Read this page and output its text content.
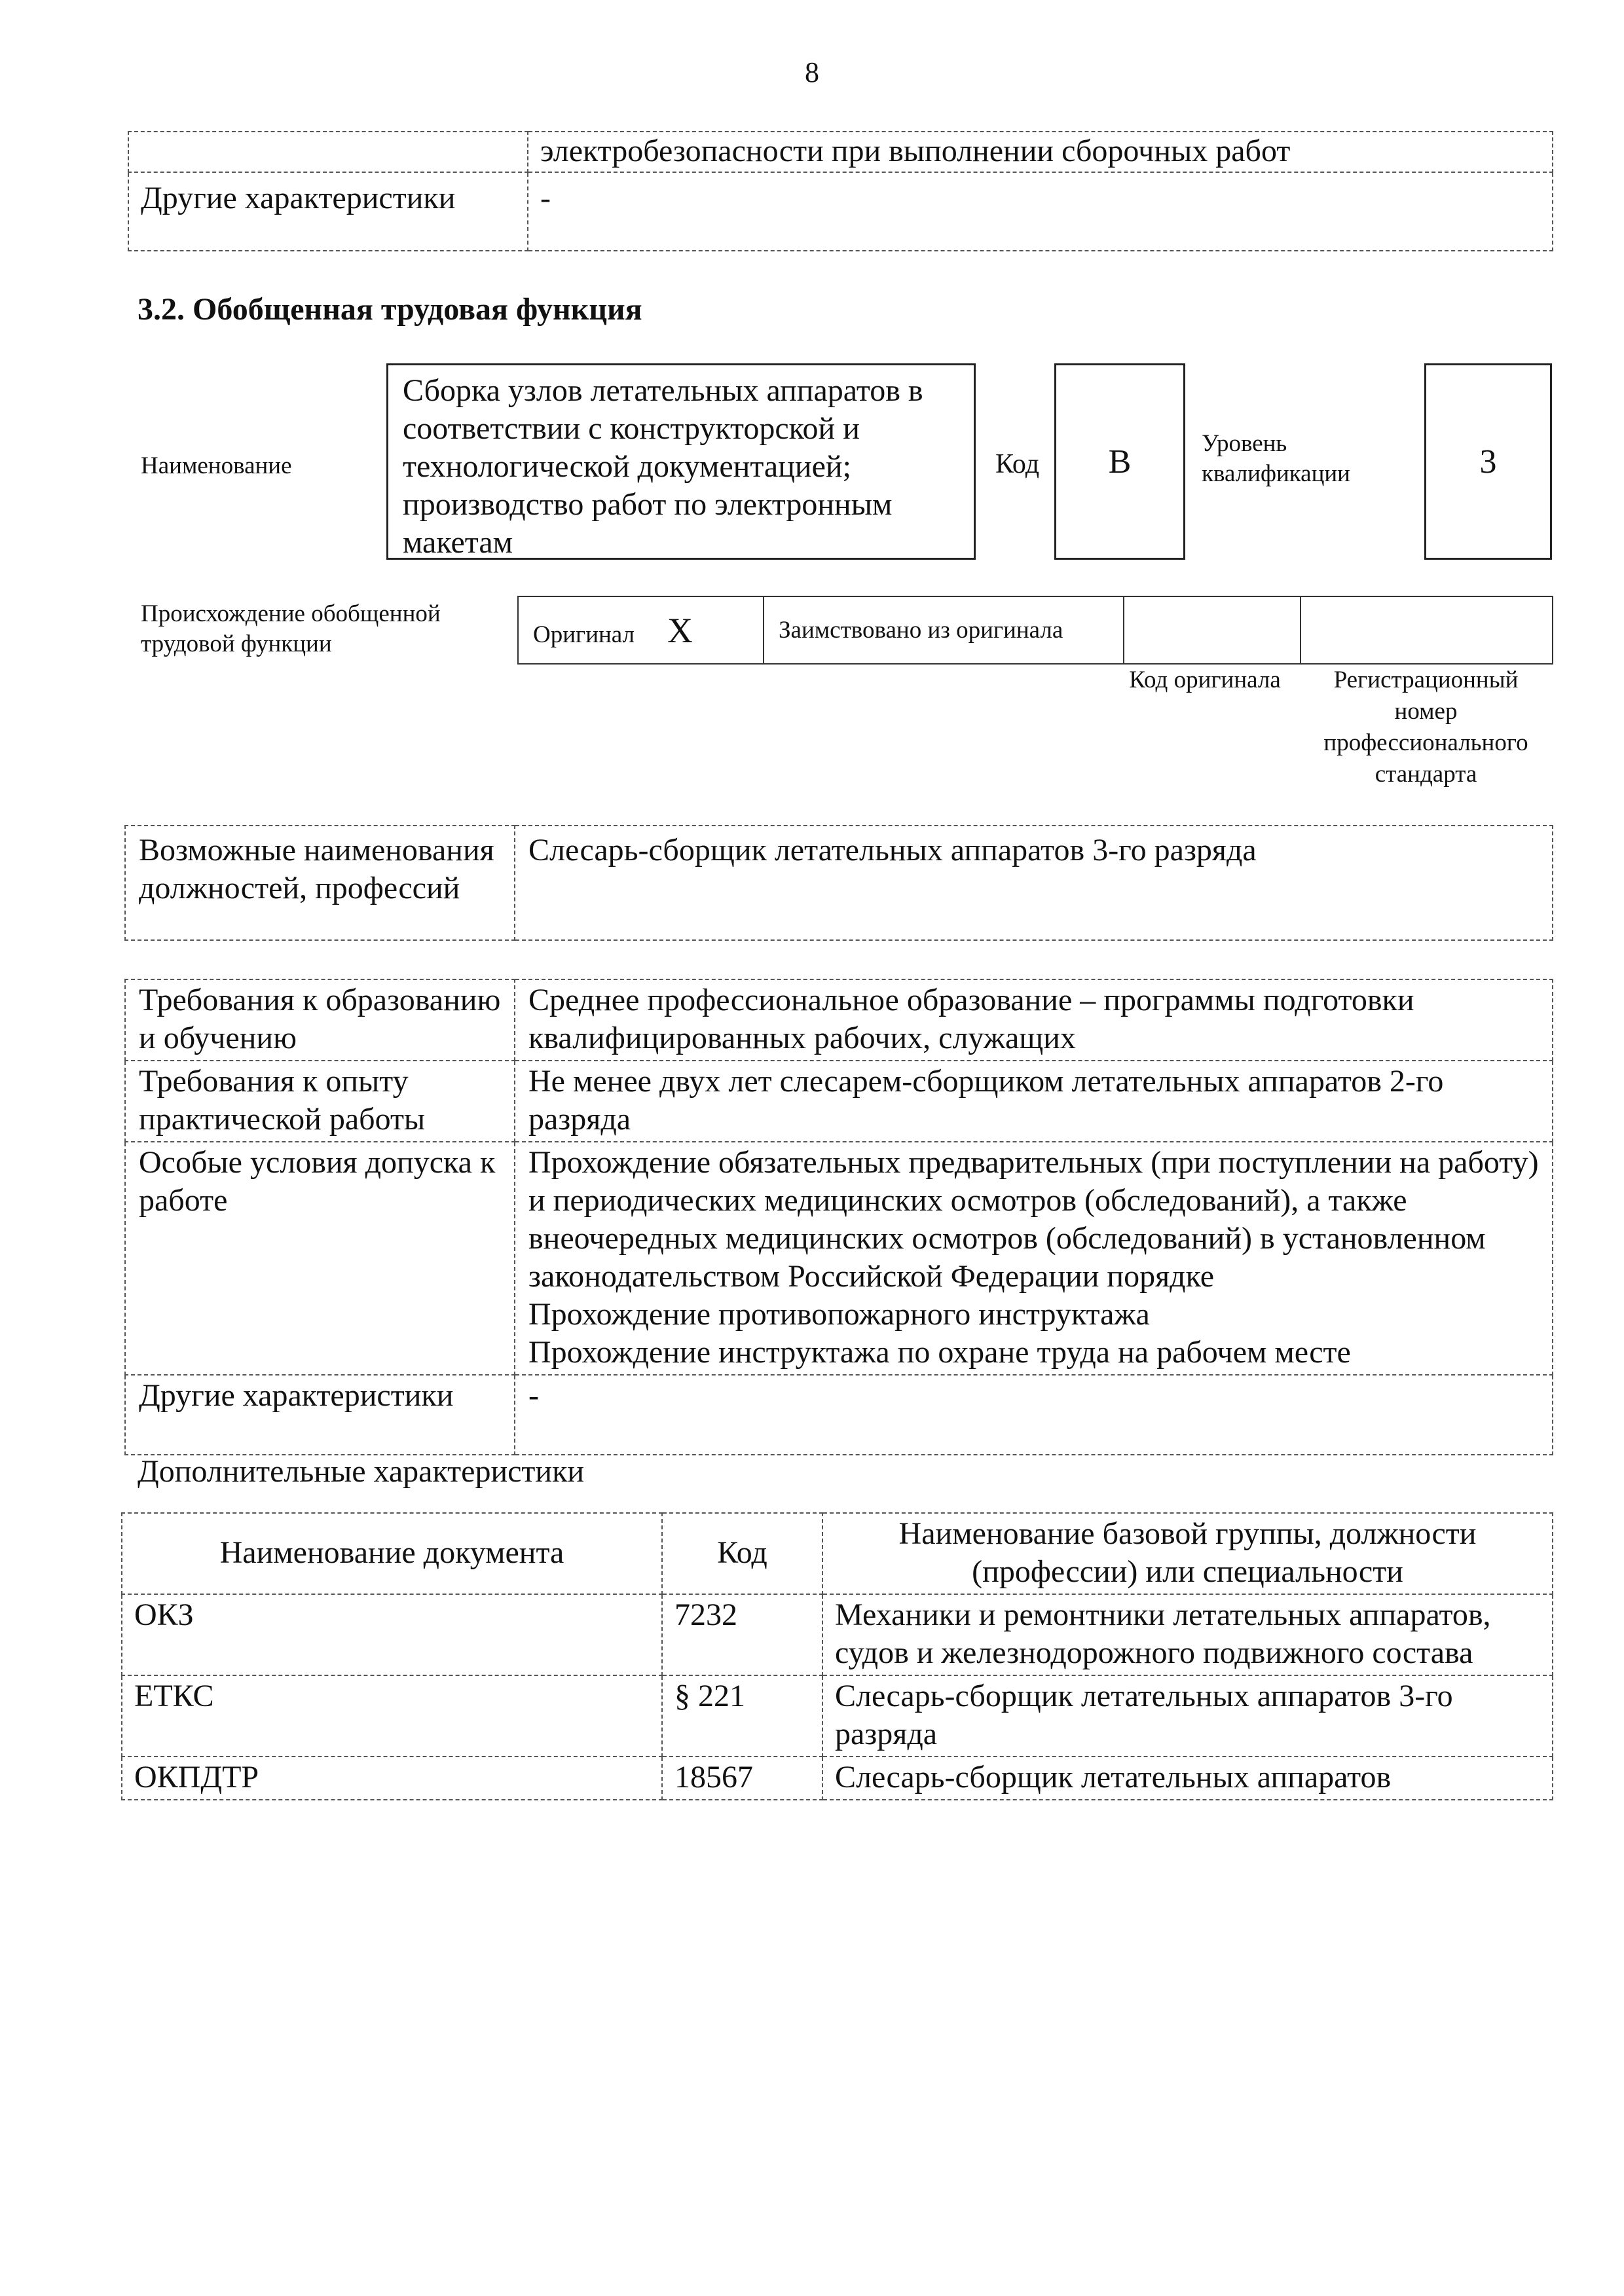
8
	электробезопасности при выполнении сборочных работ
Другие характеристики	-
3.2. Обобщенная трудовая функция
Наименование
Сборка узлов летательных аппаратов в соответствии с конструкторской и технологической документацией; производство работ по электронным макетам
Код	B	Уровень квалификации	3
Происхождение обобщенной трудовой функции	Оригинал X	Заимствовано из оригинала		
Код оригинала	Регистрационный номер профессионального стандарта
Возможные наименования должностей, профессий	Слесарь-сборщик летательных аппаратов 3-го разряда
Требования к образованию и обучению	Среднее профессиональное образование – программы подготовки квалифицированных рабочих, служащих
Требования к опыту практической работы	Не менее двух лет слесарем-сборщиком летательных аппаратов 2-го разряда
Особые условия допуска к работе	Прохождение обязательных предварительных (при поступлении на работу) и периодических медицинских осмотров (обследований), а также внеочередных медицинских осмотров (обследований) в установленном законодательством Российской Федерации порядке
Прохождение противопожарного инструктажа
Прохождение инструктажа по охране труда на рабочем месте

Другие характеристики	-
Дополнительные характеристики
Наименование документа	Код	Наименование базовой группы, должности (профессии) или специальности
ОКЗ	7232	Механики и ремонтники летательных аппаратов, судов и железнодорожного подвижного состава
ЕТКС	§ 221	Слесарь-сборщик летательных аппаратов 3-го разряда
ОКПДТР	18567	Слесарь-сборщик летательных аппаратов
